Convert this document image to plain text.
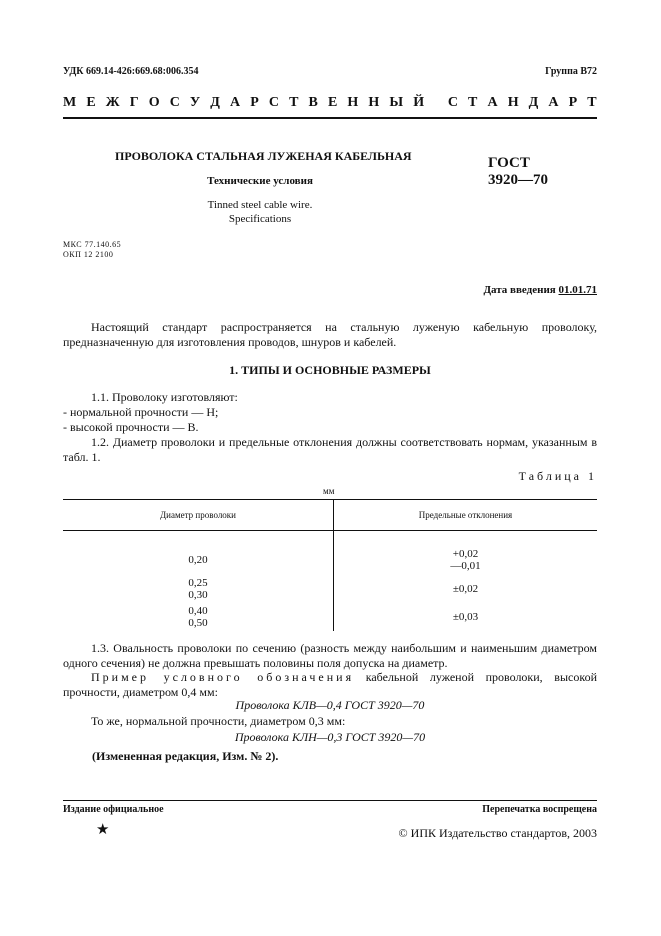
УДК 669.14-426:669.68:006.354	Группа В72
М Е Ж Г О С У Д А Р С Т В Е Н Н Ы Й
С Т А Н Д А Р Т
ПРОВОЛОКА СТАЛЬНАЯ ЛУЖЕНАЯ КАБЕЛЬНАЯ
Технические условия
Tinned steel cable wire.
Specifications
ГОСТ
3920—70
МКС 77.140.65
ОКП 12 2100
Дата введения 01.01.71
Настоящий стандарт распространяется на стальную луженую кабельную проволоку, предназначенную для изготовления проводов, шнуров и кабелей.
1. ТИПЫ И ОСНОВНЫЕ РАЗМЕРЫ
1.1. Проволоку изготовляют:
- нормальной прочности — Н;
- высокой прочности — В.
1.2. Диаметр проволоки и предельные отклонения должны соответствовать нормам, указанным в табл. 1.
Таблица 1
мм
Диаметр проволоки	Предельные отклонения

0,20	+0,02
—0,01

0,25
0,30	±0,02

0,40
0,50	±0,03
1.3. Овальность проволоки по сечению (разность между наибольшим и наименьшим диаметром одного сечения) не должна превышать половины поля допуска на диаметр.
Пример условного обозначения кабельной луженой проволоки, высокой прочности, диаметром 0,4 мм:
Проволока КЛВ—0,4 ГОСТ 3920—70
То же, нормальной прочности, диаметром 0,3 мм:
Проволока КЛН—0,3 ГОСТ 3920—70
(Измененная редакция, Изм. № 2).
Издание официальное	Перепечатка воспрещена
★	© ИПК Издательство стандартов, 2003
